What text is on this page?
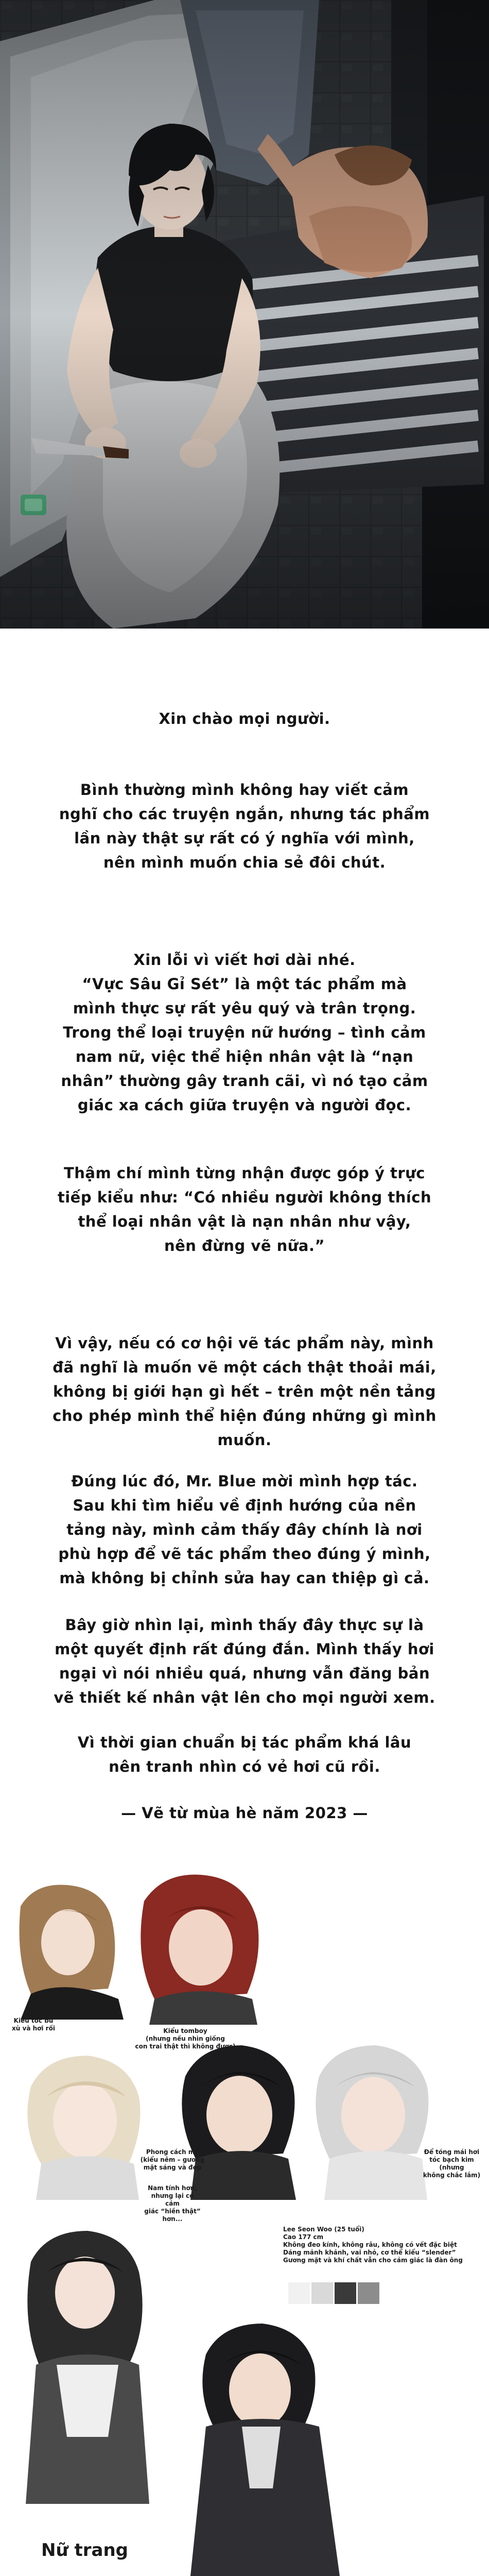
Xin chào mọi người.

Bình thường mình không hay viết cảm

nghĩ cho các truyện ngắn, nhưng tác phẩm

lần này thật sự rất có ý nghĩa với mình,

nên mình muốn chia sẻ đôi chút.

Xin lỗi vì viết hơi dài nhé.

“Vực Sâu Gỉ Sét” là một tác phẩm mà

mình thực sự rất yêu quý và trân trọng.

Trong thể loại truyện nữ hướng – tình cảm

nam nữ, việc thể hiện nhân vật là “nạn

nhân” thường gây tranh cãi, vì nó tạo cảm

giác xa cách giữa truyện và người đọc.

Thậm chí mình từng nhận được góp ý trực

tiếp kiểu như: “Có nhiều người không thích

thể loại nhân vật là nạn nhân như vậy,

nên đừng vẽ nữa.”

Vì vậy, nếu có cơ hội vẽ tác phẩm này, mình

đã nghĩ là muốn vẽ một cách thật thoải mái,

không bị giới hạn gì hết – trên một nền tảng

cho phép mình thể hiện đúng những gì mình

muốn.

Đúng lúc đó, Mr. Blue mời mình hợp tác.

Sau khi tìm hiểu về định hướng của nền

tảng này, mình cảm thấy đây chính là nơi

phù hợp để vẽ tác phẩm theo đúng ý mình,

mà không bị chỉnh sửa hay can thiệp gì cả.

Bây giờ nhìn lại, mình thấy đây thực sự là

một quyết định rất đúng đắn. Mình thấy hơi

ngại vì nói nhiều quá, nhưng vẫn đăng bản

vẽ thiết kế nhân vật lên cho mọi người xem.

Vì thời gian chuẩn bị tác phẩm khá lâu

nên tranh nhìn có vẻ hơi cũ rồi.

— Vẽ từ mùa hè năm 2023 —

Kiểu tóc bù
xù và hơi rối	Kiểu tomboy
(nhưng nếu nhìn giống
con trai thật thì không được)
Phong cách mỹ
(kiểu nêm – gương
mặt sáng và đẹp
Nam tính hơn,
nhưng lại có cảm
giác “hiền thật”
hơn...
Để tóng mái hơi
tóc bạch kim (nhưng
không chắc lắm)
Lee Seon Woo (25 tuổi)
Cao 177 cm
Không đeo kính, không râu, không có vết đặc biệt
Dáng mảnh khảnh, vai nhỏ, cơ thể kiểu “slender”
Gương mặt và khí chất vẫn cho cảm giác là đàn ông
Nữ trang
